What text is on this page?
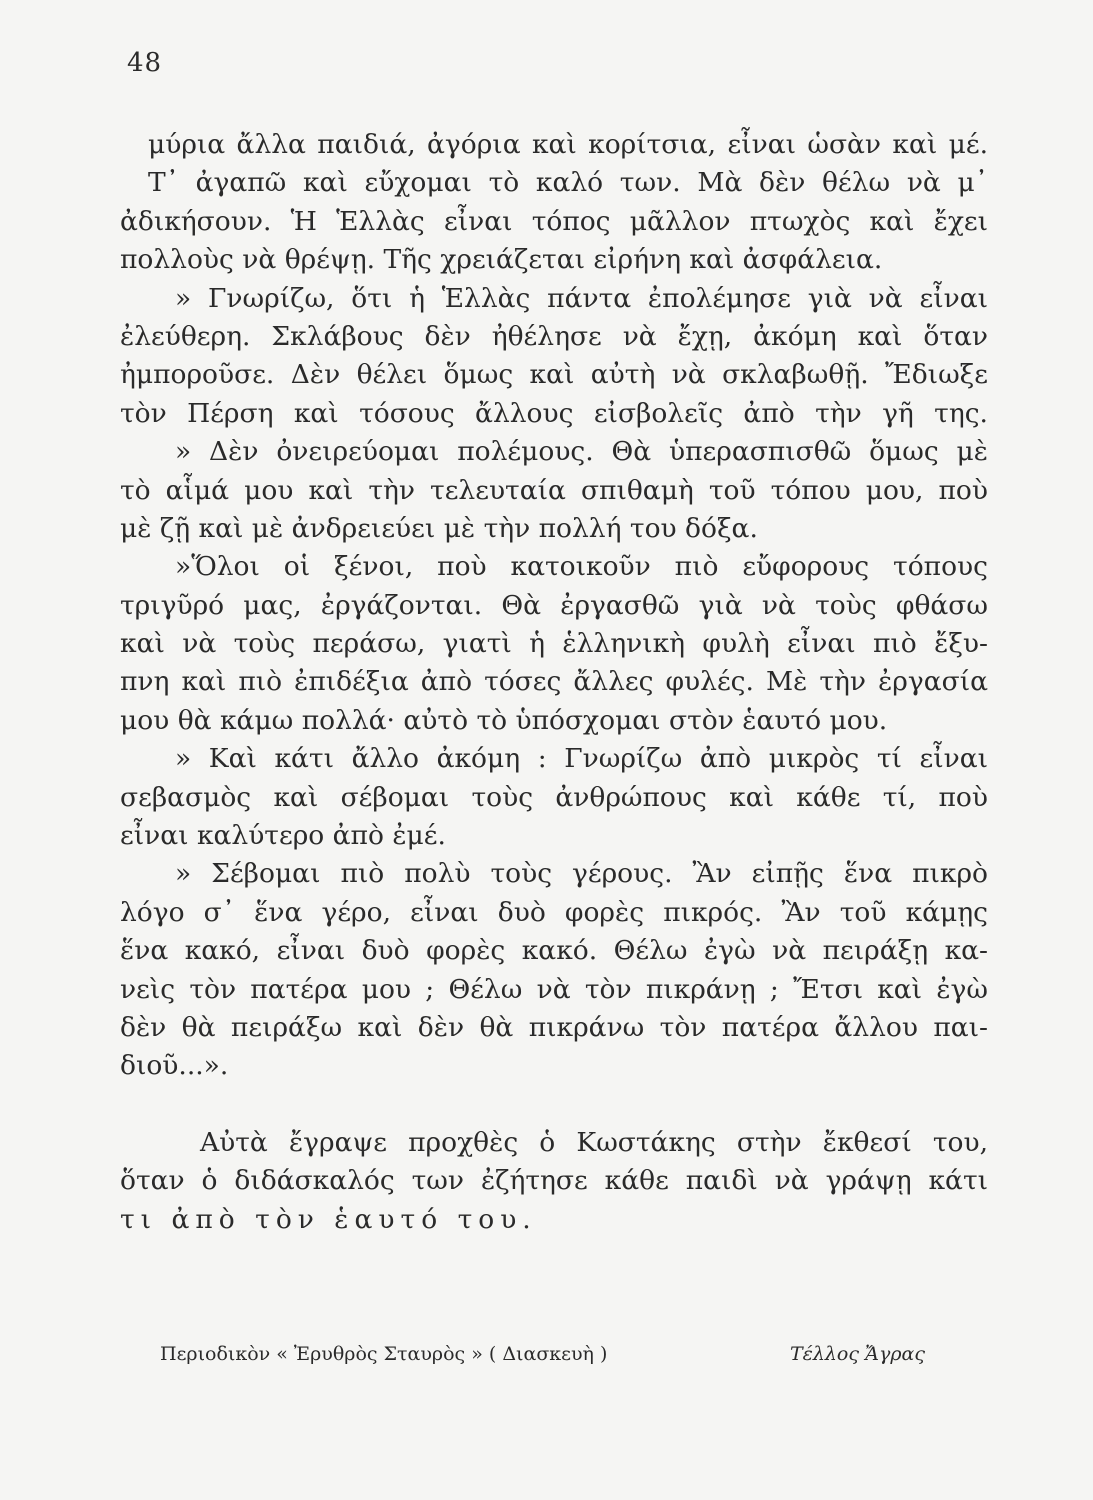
48
μύρια ἄλλα παιδιά, ἀγόρια καὶ κορίτσια, εἶναι ὡσὰν καὶ μέ.
Τ᾽ ἀγαπῶ καὶ εὔχομαι τὸ καλό των. Μὰ δὲν θέλω νὰ μ᾽
ἀδικήσουν. Ἡ Ἑλλὰς εἶναι τόπος μᾶλλον πτωχὸς καὶ ἔχει
πολλοὺς νὰ θρέψῃ. Τῆς χρειάζεται εἰρήνη καὶ ἀσφάλεια.
» Γνωρίζω, ὅτι ἡ Ἑλλὰς πάντα ἐπολέμησε γιὰ νὰ εἶναι
ἐλεύθερη. Σκλάβους δὲν ἠθέλησε νὰ ἔχῃ, ἀκόμη καὶ ὅταν
ἠμποροῦσε. Δὲν θέλει ὅμως καὶ αὐτὴ νὰ σκλαβωθῇ. Ἔδιωξε
τὸν Πέρση καὶ τόσους ἄλλους εἰσβολεῖς ἀπὸ τὴν γῆ της.
» Δὲν ὀνειρεύομαι πολέμους. Θὰ ὑπερασπισθῶ ὅμως μὲ
τὸ αἷμά μου καὶ τὴν τελευταία σπιθαμὴ τοῦ τόπου μου, ποὺ
μὲ ζῇ καὶ μὲ ἀνδρειεύει μὲ τὴν πολλή του δόξα.
»Ὅλοι οἱ ξένοι, ποὺ κατοικοῦν πιὸ εὔφορους τόπους
τριγῦρό μας, ἐργάζονται. Θὰ ἐργασθῶ γιὰ νὰ τοὺς φθάσω
καὶ νὰ τοὺς περάσω, γιατὶ ἡ ἑλληνικὴ φυλὴ εἶναι πιὸ ἔξυ-
πνη καὶ πιὸ ἐπιδέξια ἀπὸ τόσες ἄλλες φυλές. Μὲ τὴν ἐργασία
μου θὰ κάμω πολλά· αὐτὸ τὸ ὑπόσχομαι στὸν ἑαυτό μου.
» Καὶ κάτι ἄλλο ἀκόμη : Γνωρίζω ἀπὸ μικρὸς τί εἶναι
σεβασμὸς καὶ σέβομαι τοὺς ἀνθρώπους καὶ κάθε τί, ποὺ
εἶναι καλύτερο ἀπὸ ἐμέ.
» Σέβομαι πιὸ πολὺ τοὺς γέρους. Ἂν εἰπῇς ἕνα πικρὸ
λόγο σ᾽ ἕνα γέρο, εἶναι δυὸ φορὲς πικρός. Ἂν τοῦ κάμῃς
ἕνα κακό, εἶναι δυὸ φορὲς κακό. Θέλω ἐγὼ νὰ πειράξῃ κα-
νεὶς τὸν πατέρα μου ; Θέλω νὰ τὸν πικράνῃ ; Ἔτσι καὶ ἐγὼ
δὲν θὰ πειράξω καὶ δὲν θὰ πικράνω τὸν πατέρα ἄλλου παι-
διοῦ...».
Αὐτὰ ἔγραψε προχθὲς ὁ Κωστάκης στὴν ἔκθεσί του,
ὅταν ὁ διδάσκαλός των ἐζήτησε κάθε παιδὶ νὰ γράψῃ κάτι
τι ἀπὸ τὸν ἑαυτό του.
Περιοδικὸν « Ἐρυθρὸς Σταυρὸς » ( Διασκευὴ )	Τέλλος Ἄγρας
